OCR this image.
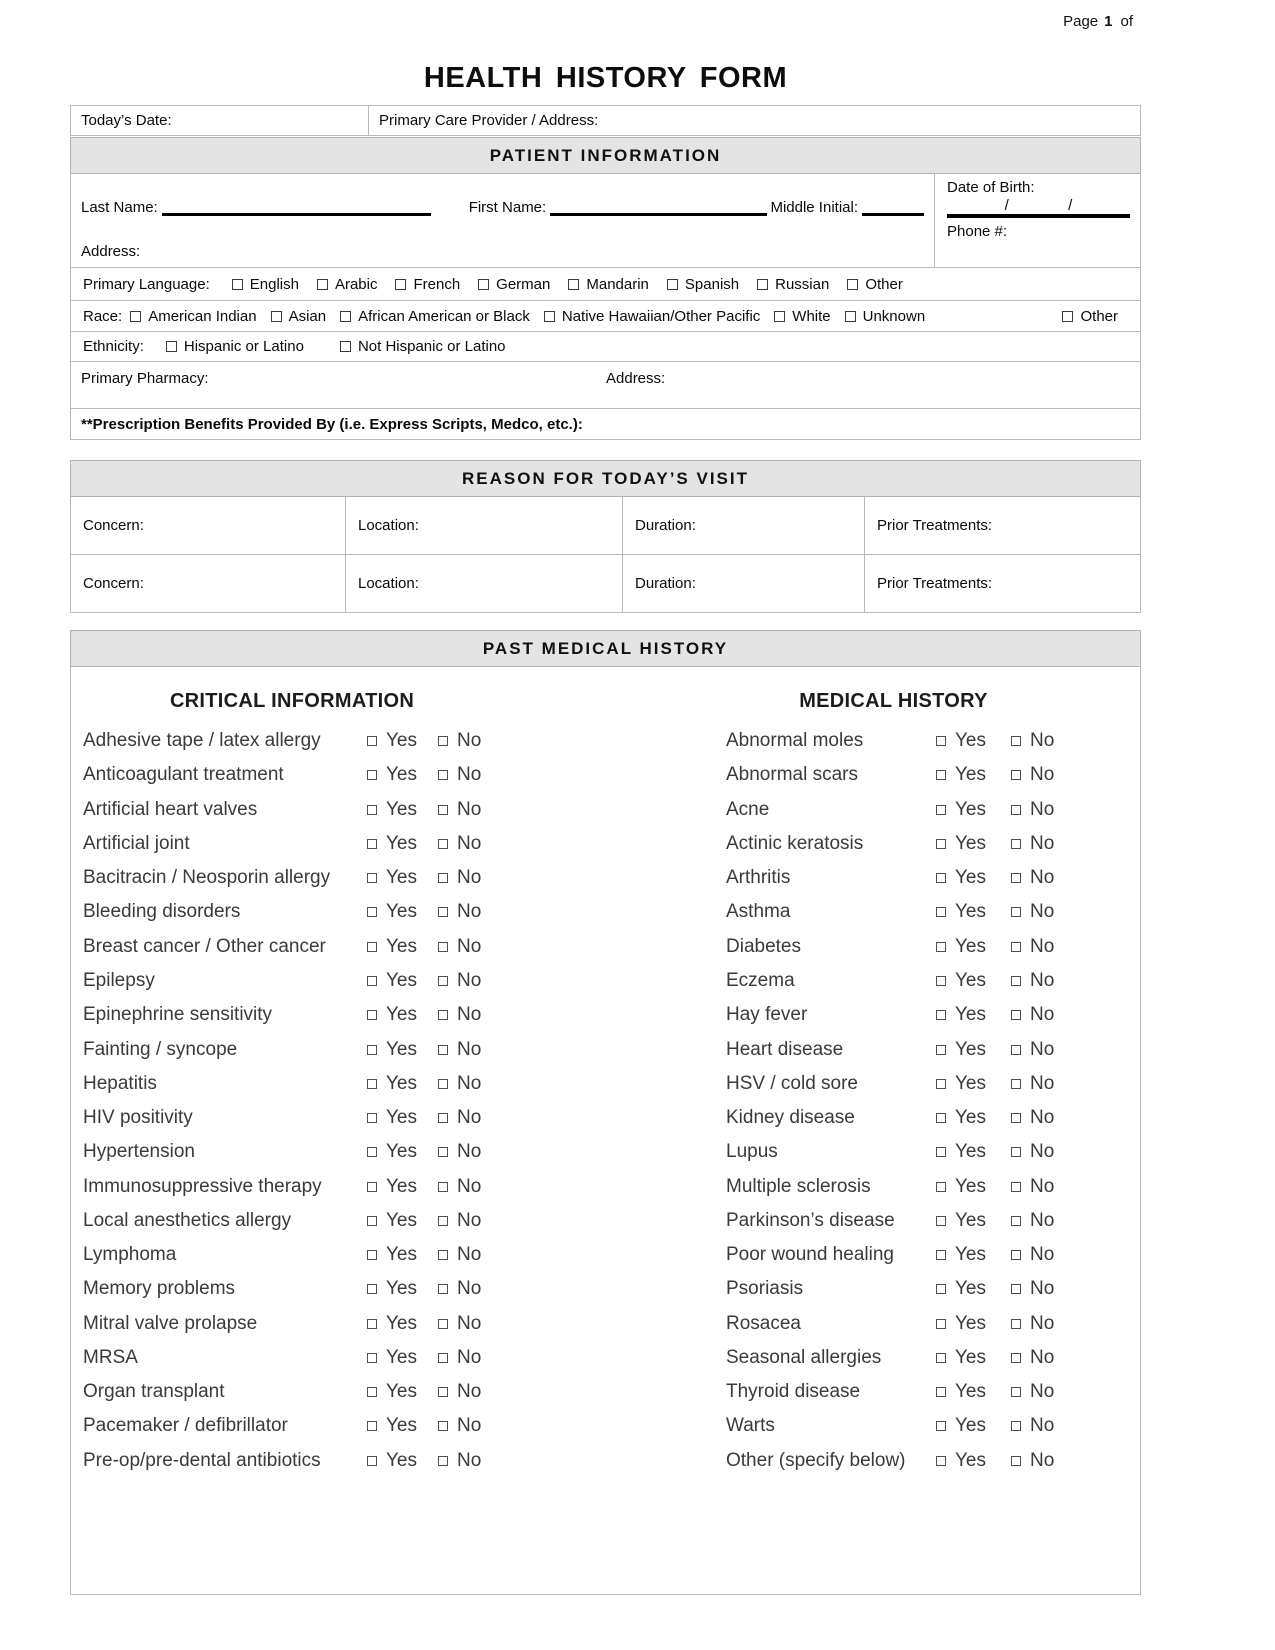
Page 1 of
HEALTH HISTORY FORM
Today’s Date:	Primary Care Provider / Address:
PATIENT INFORMATION
Date of Birth:
/	/
Phone #:
Last Name:	First Name:	Middle Initial:
Address:
Primary Language:	English Arabic French German Mandarin Spanish Russian Other
Race: American Indian Asian African American or Black Native Hawaiian/Other Pacific White Unknown	Other
Ethnicity:	Hispanic or Latino	Not Hispanic or Latino
Primary Pharmacy:	Address:
**Prescription Benefits Provided By (i.e. Express Scripts, Medco, etc.):
REASON FOR TODAY’S VISIT
Concern:	Location:	Duration:	Prior Treatments:
Concern:	Location:	Duration:	Prior Treatments:
PAST MEDICAL HISTORY
CRITICAL INFORMATION	MEDICAL HISTORY
Adhesive tape / latex allergy	Yes No
Anticoagulant treatment	Yes No
Artificial heart valves	Yes No
Artificial joint	Yes No
Bacitracin / Neosporin allergy	Yes No
Bleeding disorders	Yes No
Breast cancer / Other cancer	Yes No
Epilepsy	Yes No
Epinephrine sensitivity	Yes No
Fainting / syncope	Yes No
Hepatitis	Yes No
HIV positivity	Yes No
Hypertension	Yes No
Immunosuppressive therapy	Yes No
Local anesthetics allergy	Yes No
Lymphoma	Yes No
Memory problems	Yes No
Mitral valve prolapse	Yes No
MRSA	Yes No
Organ transplant	Yes No
Pacemaker / defibrillator	Yes No
Pre-op/pre-dental antibiotics	Yes No
Abnormal moles	Yes No
Abnormal scars	Yes No
Acne	Yes No
Actinic keratosis	Yes No
Arthritis	Yes No
Asthma	Yes No
Diabetes	Yes No
Eczema	Yes No
Hay fever	Yes No
Heart disease	Yes No
HSV / cold sore	Yes No
Kidney disease	Yes No
Lupus	Yes No
Multiple sclerosis	Yes No
Parkinson’s disease	Yes No
Poor wound healing	Yes No
Psoriasis	Yes No
Rosacea	Yes No
Seasonal allergies	Yes No
Thyroid disease	Yes No
Warts	Yes No
Other (specify below)	Yes No
